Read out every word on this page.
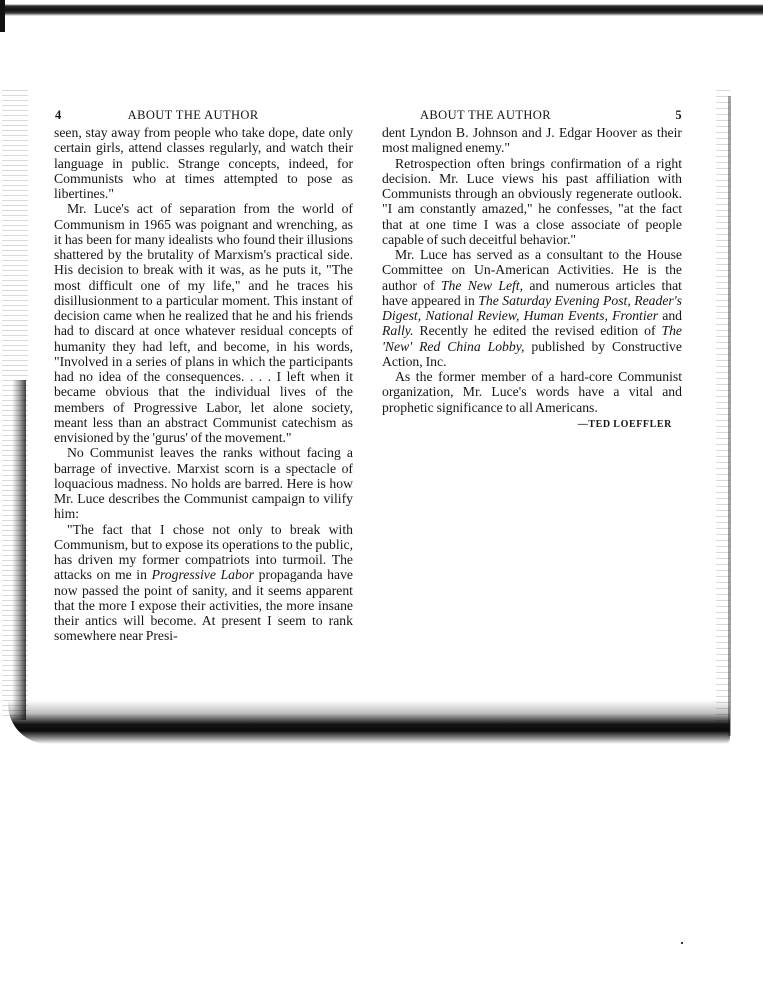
4	ABOUT THE AUTHOR

seen, stay away from people who take dope, date only certain girls, attend classes regularly, and watch their language in public. Strange concepts, indeed, for Communists who at times attempted to pose as libertines."

Mr. Luce's act of separation from the world of Communism in 1965 was poignant and wrenching, as it has been for many idealists who found their illusions shattered by the brutality of Marxism's practical side. His decision to break with it was, as he puts it, "The most difficult one of my life," and he traces his disillusionment to a particular moment. This instant of decision came when he realized that he and his friends had to discard at once whatever residual concepts of humanity they had left, and become, in his words, "Involved in a series of plans in which the participants had no idea of the consequences. . . . I left when it became obvious that the individual lives of the members of Progressive Labor, let alone society, meant less than an abstract Communist catechism as envisioned by the 'gurus' of the movement."

No Communist leaves the ranks without facing a barrage of invective. Marxist scorn is a spectacle of loquacious madness. No holds are barred. Here is how Mr. Luce describes the Communist campaign to vilify him:

"The fact that I chose not only to break with Communism, but to expose its operations to the public, has driven my former compatriots into turmoil. The attacks on me in Progressive Labor propaganda have now passed the point of sanity, and it seems apparent that the more I expose their activities, the more insane their antics will become. At present I seem to rank somewhere near Presi-

ABOUT THE AUTHOR	5

dent Lyndon B. Johnson and J. Edgar Hoover as their most maligned enemy."

Retrospection often brings confirmation of a right decision. Mr. Luce views his past affiliation with Communists through an obviously regenerate outlook. "I am constantly amazed," he confesses, "at the fact that at one time I was a close associate of people capable of such deceitful behavior."

Mr. Luce has served as a consultant to the House Committee on Un-American Activities. He is the author of The New Left, and numerous articles that have appeared in The Saturday Evening Post, Reader's Digest, National Review, Human Events, Frontier and Rally. Recently he edited the revised edition of The 'New' Red China Lobby, published by Constructive Action, Inc.

As the former member of a hard-core Communist organization, Mr. Luce's words have a vital and prophetic significance to all Americans.

—TED LOEFFLER
